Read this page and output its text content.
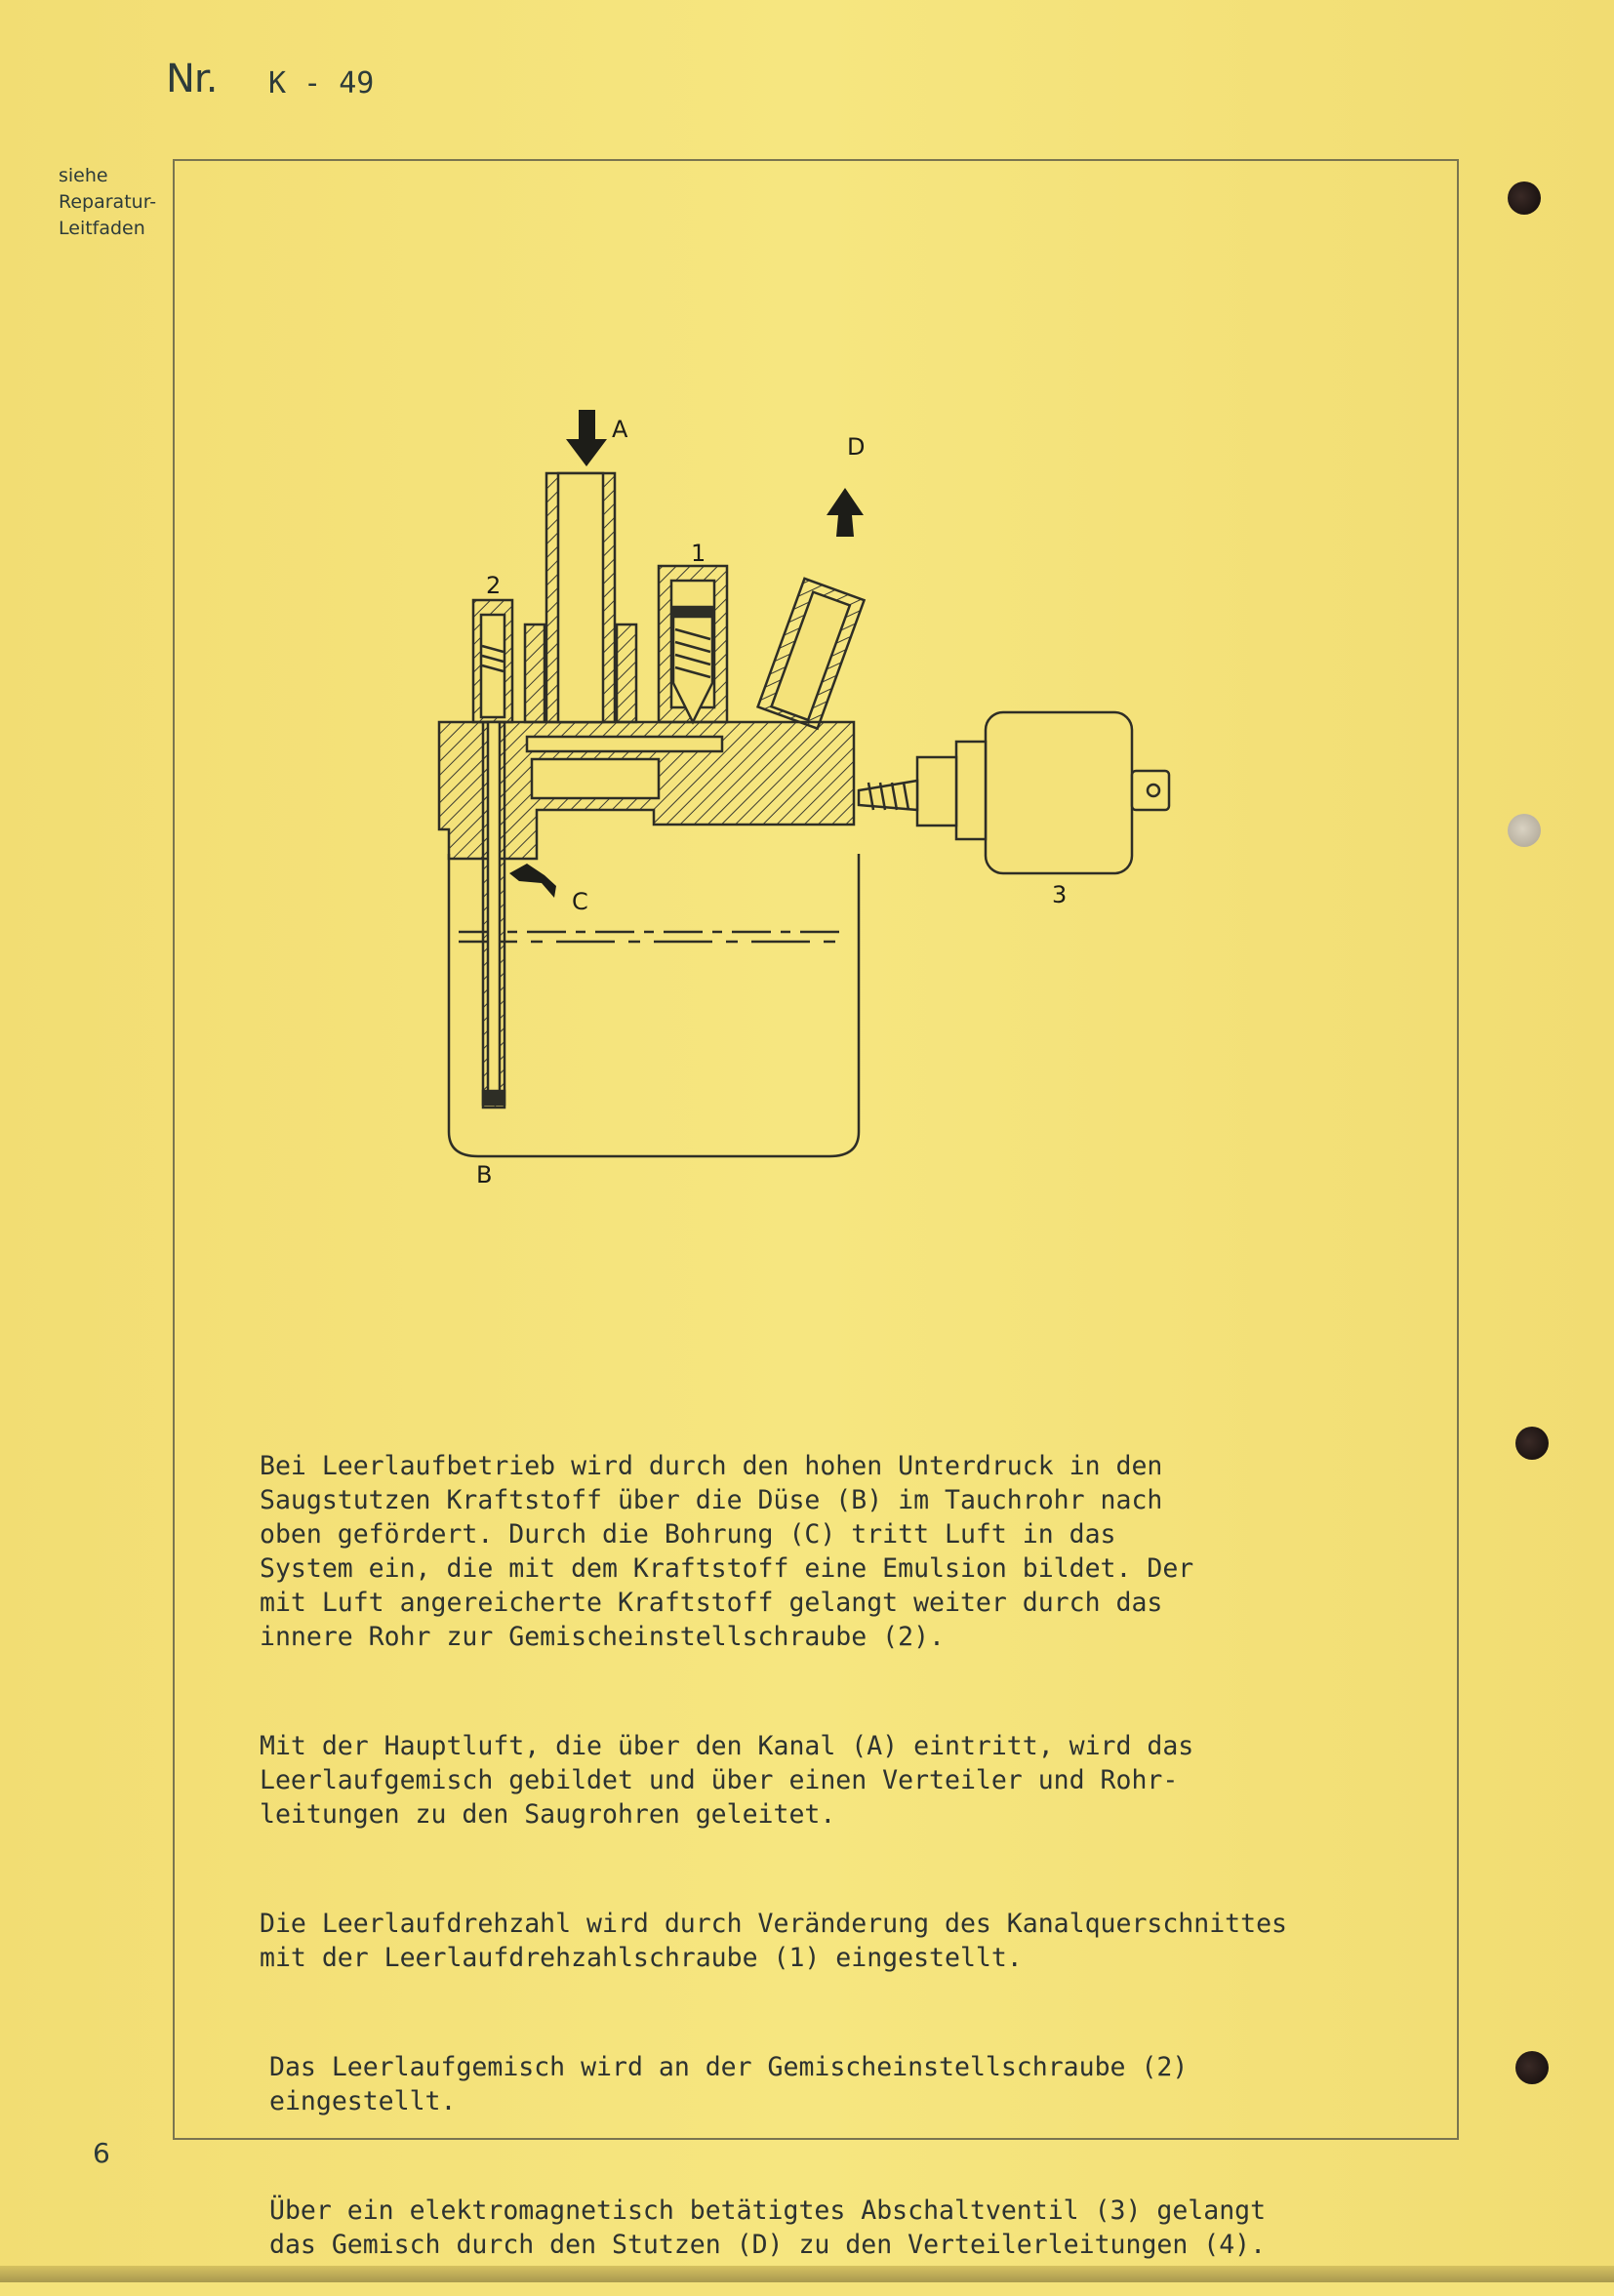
Nr. K - 49
siehe
Reparatur-
Leitfaden
A
B
C
D
1
2
3

Bei Leerlaufbetrieb wird durch den hohen Unterdruck in den
Saugstutzen Kraftstoff über die Düse (B) im Tauchrohr nach
oben gefördert. Durch die Bohrung (C) tritt Luft in das
System ein, die mit dem Kraftstoff eine Emulsion bildet. Der
mit Luft angereicherte Kraftstoff gelangt weiter durch das
innere Rohr zur Gemischeinstellschraube (2).

Mit der Hauptluft, die über den Kanal (A) eintritt, wird das
Leerlaufgemisch gebildet und über einen Verteiler und Rohr-
leitungen zu den Saugrohren geleitet.

Die Leerlaufdrehzahl wird durch Veränderung des Kanalquerschnittes
mit der Leerlaufdrehzahlschraube (1) eingestellt.

Das Leerlaufgemisch wird an der Gemischeinstellschraube (2)
eingestellt.

Über ein elektromagnetisch betätigtes Abschaltventil (3) gelangt
das Gemisch durch den Stutzen (D) zu den Verteilerleitungen (4).

6
